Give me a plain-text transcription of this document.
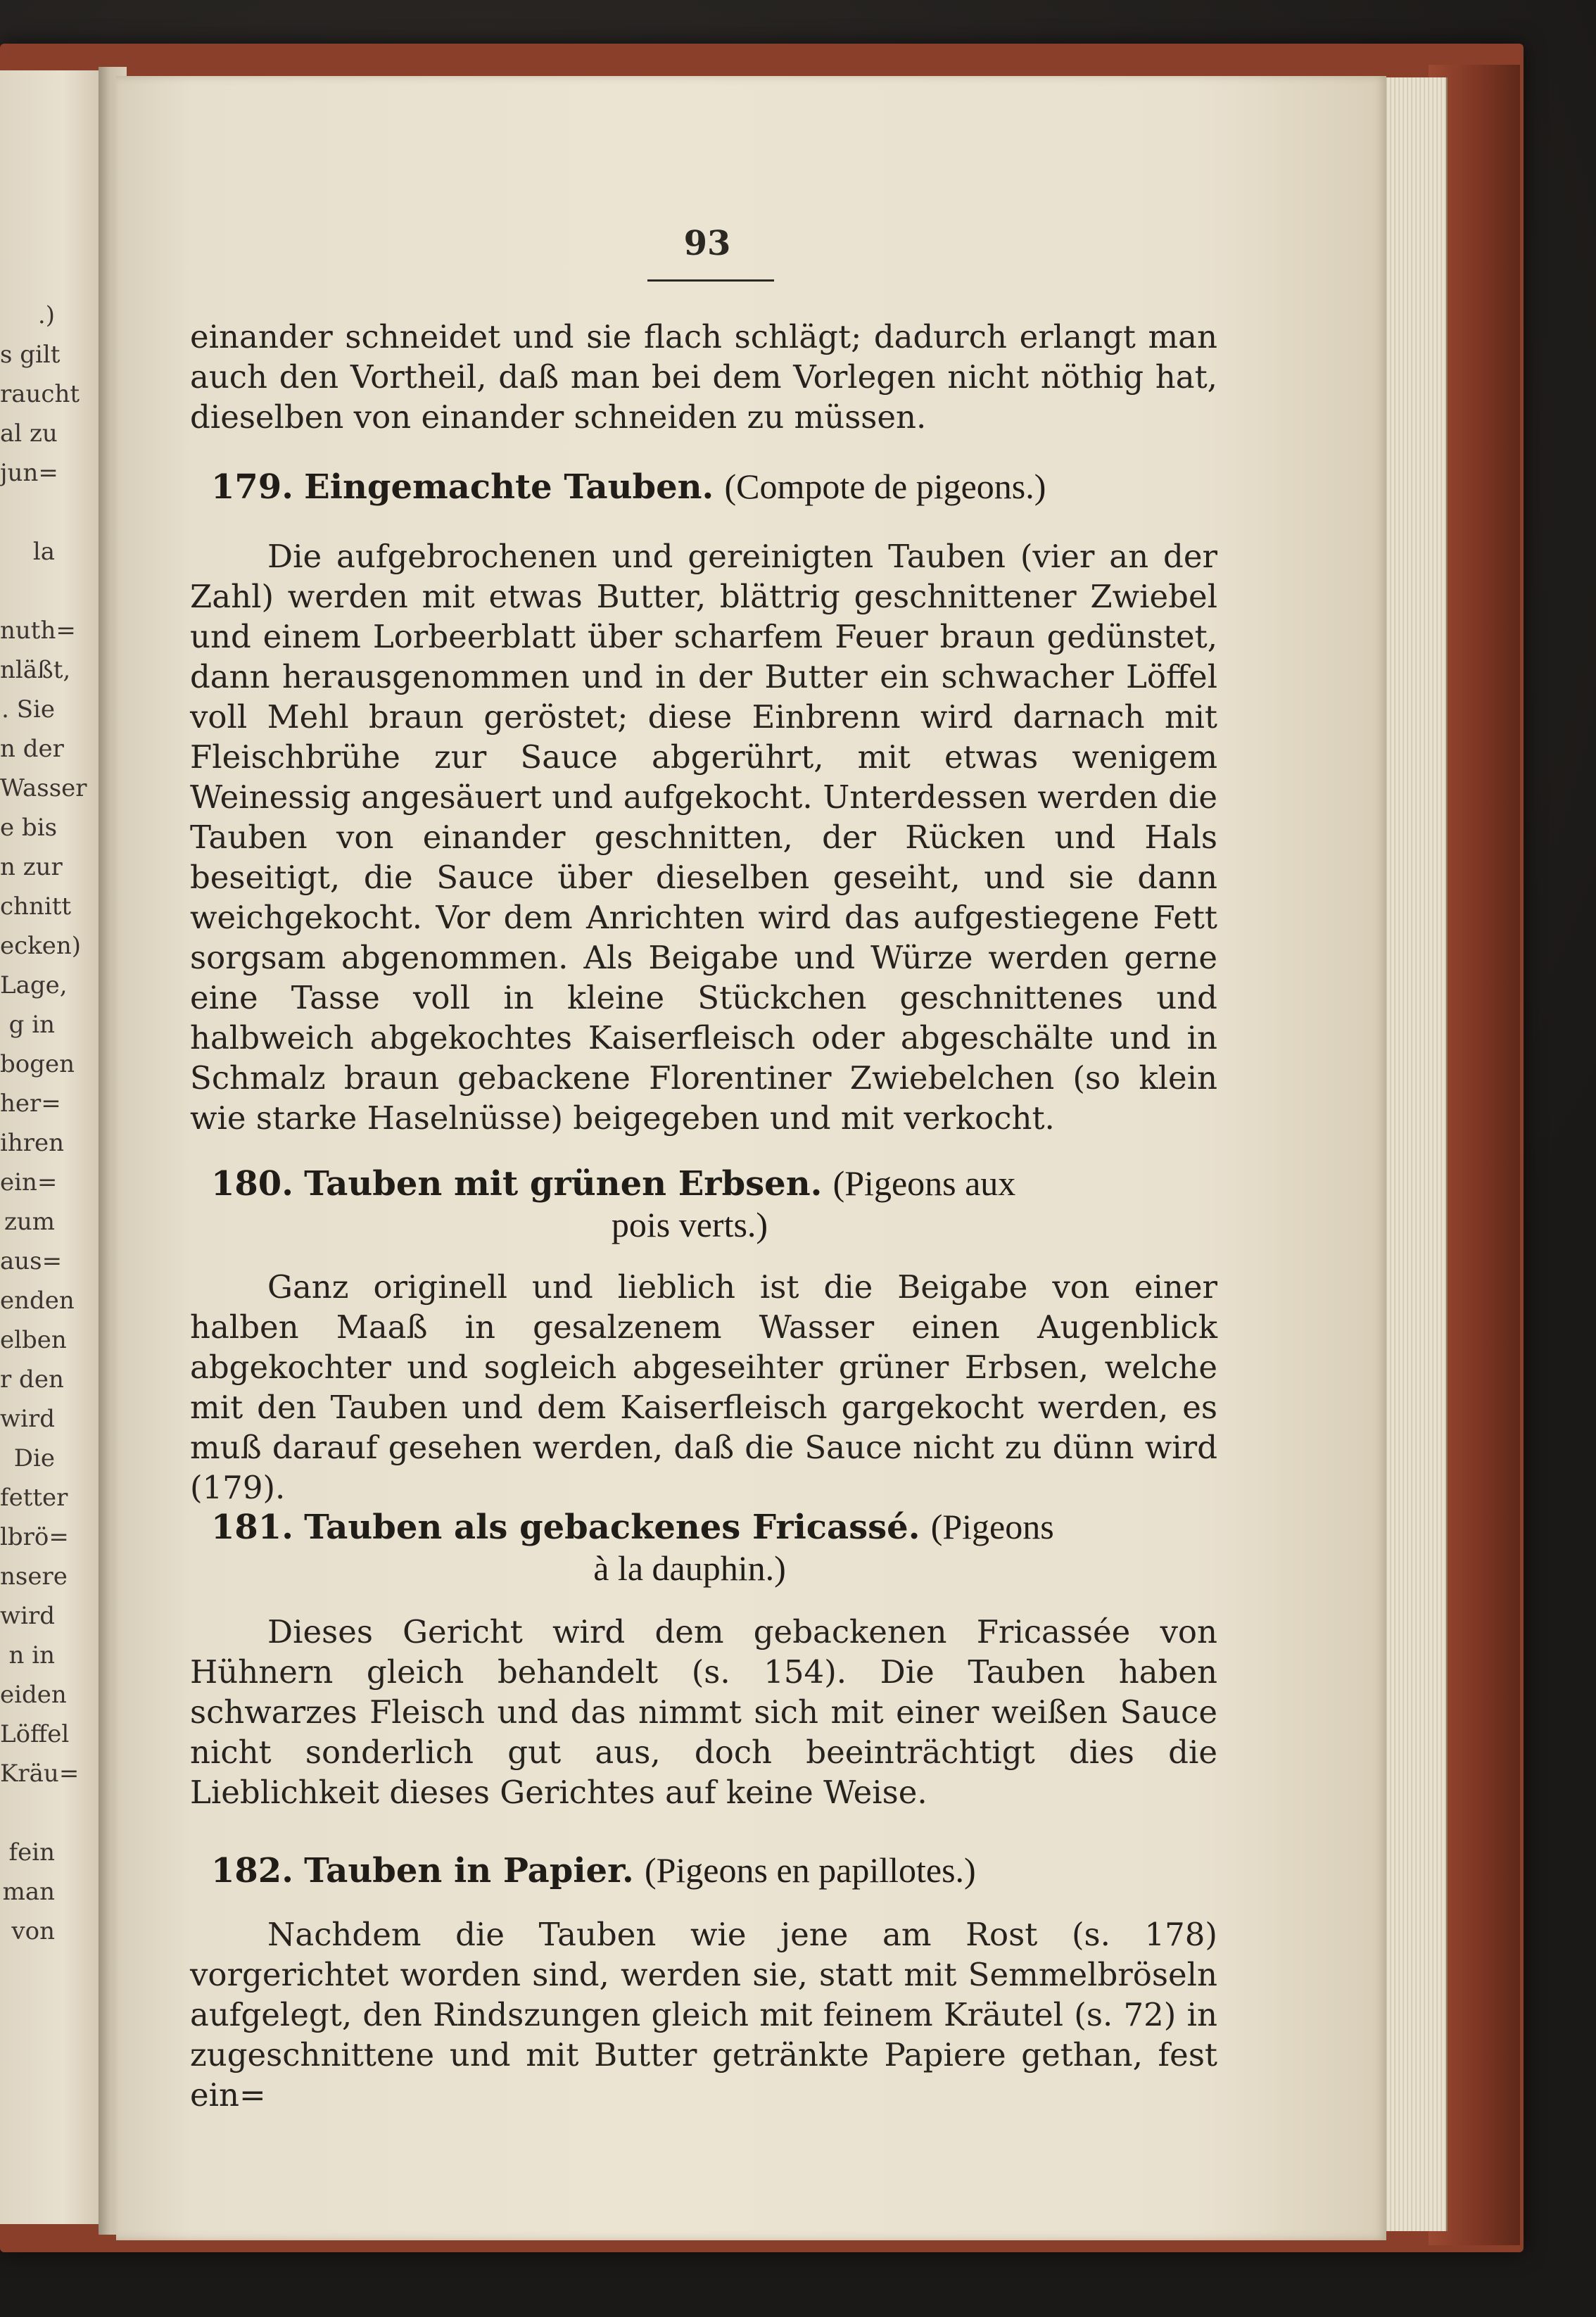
.)
s gilt
raucht
al zu
jun=

la

nuth=
nläßt,
. Sie
n der
Wasser
e bis
n zur
chnitt
ecken)
Lage,
g in
bogen
her=
ihren
ein=
zum
aus=
enden
elben
r den
wird
Die
fetter
lbrö=
nsere
wird
n in
eiden
Löffel
Kräu=

fein
man
von
93

einander schneidet und sie flach schlägt; dadurch erlangt man auch den Vortheil, daß man bei dem Vorlegen nicht nöthig hat, dieselben von einander schneiden zu müssen.

179. Eingemachte Tauben. (Compote de pigeons.)

Die aufgebrochenen und gereinigten Tauben (vier an der Zahl) werden mit etwas Butter, blättrig geschnittener Zwiebel und einem Lorbeerblatt über scharfem Feuer braun gedünstet, dann herausgenommen und in der Butter ein schwacher Löffel voll Mehl braun geröstet; diese Einbrenn wird darnach mit Fleischbrühe zur Sauce abgerührt, mit etwas wenigem Weinessig angesäuert und aufgekocht. Unterdessen werden die Tauben von einander geschnitten, der Rücken und Hals beseitigt, die Sauce über dieselben geseiht, und sie dann weichgekocht. Vor dem Anrichten wird das aufgestiegene Fett sorgsam abgenommen. Als Beigabe und Würze werden gerne eine Tasse voll in kleine Stückchen geschnittenes und halbweich abgekochtes Kaiserfleisch oder abgeschälte und in Schmalz braun gebackene Florentiner Zwiebelchen (so klein wie starke Haselnüsse) beigegeben und mit verkocht.

180. Tauben mit grünen Erbsen. (Pigeons aux
pois verts.)

Ganz originell und lieblich ist die Beigabe von einer halben Maaß in gesalzenem Wasser einen Augenblick abgekochter und sogleich abgeseihter grüner Erbsen, welche mit den Tauben und dem Kaiserfleisch gargekocht werden, es muß darauf gesehen werden, daß die Sauce nicht zu dünn wird (179).

181. Tauben als gebackenes Fricassé. (Pigeons
à la dauphin.)

Dieses Gericht wird dem gebackenen Fricassée von Hühnern gleich behandelt (s. 154). Die Tauben haben schwarzes Fleisch und das nimmt sich mit einer weißen Sauce nicht sonderlich gut aus, doch beeinträchtigt dies die Lieblichkeit dieses Gerichtes auf keine Weise.

182. Tauben in Papier. (Pigeons en papillotes.)

Nachdem die Tauben wie jene am Rost (s. 178) vorgerichtet worden sind, werden sie, statt mit Semmelbröseln aufgelegt, den Rindszungen gleich mit feinem Kräutel (s. 72) in zugeschnittene und mit Butter getränkte Papiere gethan, fest ein=
